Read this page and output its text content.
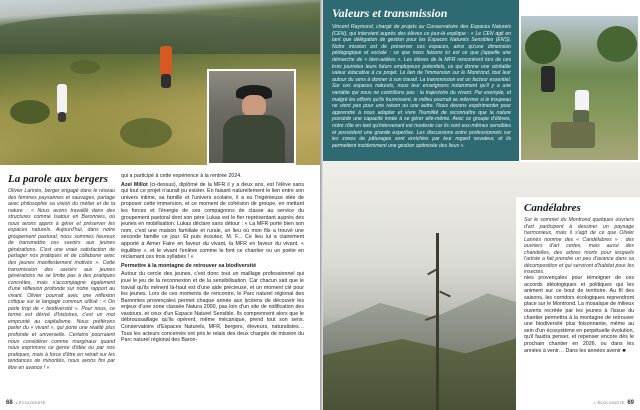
La parole aux bergers

Olivier Lannès, berger engagé dans le réseau des femmes paysannes et sauvages, partage avec philosophie sa vision du métier et de la nature : « Nous avons travaillé dans des structures comme Isatour en Baronnies, où nous avons appris à gérer et préserver les espaces naturels. Aujourd'hui, dans notre groupement pastoral, nous sommes heureux de transmettre ces savoirs aux jeunes générations. C'est une vraie satisfaction de partager nos pratiques et de collaborer avec des jeunes manifestement motivés ». Cette transmission des savoirs aux jeunes générations ne se limite pas à des pratiques concrètes, mais s'accompagne également d'une réflexion profonde sur notre rapport au vivant. Olivier pourrait avec une réflexion critique sur le langage commun utilisé : « On parle trop de « biodiversité ». Pour nous, ce terme est dérivé d'histoires, c'est un mot emprunté au capitalisme. Nous préférons parler du « vivant », qui porte une réalité plus profonde et universelle. Certains pourraient nous considérer comme marginaux quand nous exprimons ce genre d'idée ou par nos pratiques, mais à force d'être en retrait sur les tendances de minorités, nous avons fini par être en avance ! »

qui a participé à cette expérience à la rentrée 2024.

Azel Millot (ci-dessus), diplômé de la MFR il y a deux ans, est l'élève sans qui tout ce projet n'aurait pu exister. En faisant naturellement le lien entre son univers intime, sa famille et l'univers scolaire, il a eu l'ingénieuse idée de proposer cette immersion, et ce moment de cohésion de groupe, en mettant les forces et l'énergie de ses compagnons de classe au service du groupement pastoral dont son père Lukas est le fier représentant auprès des jeunes en mobilisation. Lukas déclare sans détour : « La MFR porte bien son nom, c'est une maison familiale et rurale, un lieu où mon fils a trouvé une seconde famille ce jour. Et puis écoutez, M. F... Ce lieu lui a clairement apporté à Aimer Faire en faveur du vivant, la MFR en faveur du vivant, « équilibre », et le vivant l'enlève comme le font ce chantier ou un poète en réclamant ces trois syllabes ! »

Permettre à la montagne de retrouver sa biodiversité

Autour du cercle des jeunes, c'est donc tout un maillage professionnel qui joue le jeu de la reconnexion et de la sensibilisation. Car chacun sait que le travail qu'ils mènent là-haut est d'une aide précieuse, et un moment clé pour les jeunes. Lors de ces moments de rencontre, le Parc naturel régional des Baronnies provençales permet chaque année aux lycéens de découvrir les enjeux d'une zone classée Natura 2000, pas loin d'un site de nidification des vautours, et ceux d'un Espace Naturel Sensible. Ils comprennent alors que le débroussaillage qu'ils opèrent, même mécanique, prend tout son sens. Conservatoire d'Espaces Naturels, MFR, bergers, éleveurs, naturalistes… Tous les acteurs concernés ont pris le relais des deux chargés de mission du Parc naturel régional des Baron-

68 L'ÉCOLOGISTE
Valeurs et transmission

Vincent Raymond, chargé de projets au Conservatoire des Espaces Naturels (CEN), qui intervient auprès des élèves ce jour-là explique : « Le CEN agit en tant que délégation de gestion pour les Espaces Naturels Sensibles (ENS). Notre mission est de préserver ces espaces, ainsi qu'une dimension pédagogique et sociale : ce que nous faisons ici est ce que j'appelle une démarche de « bien-aidées ». Les élèves de la MFR rencontrent lors de ces trois journées leurs futurs employeurs potentiels, ce qui donne une véritable valeur éducative à ce projet. Le lien de l'immersion sur le Montrond, tout leur autour du sens à donner à son travail. La transmission est un facteur essentiel. Sur ces espaces naturels, nous leur enseignons notamment qu'il y a une variable qui nous ne contrôlons pas : la trajectoire du vivant. Par exemple, et malgré les efforts qu'ils fournissent, le milieu pourrait se refermer si le troupeau ne vient pas pour une raison ou une autre. Nous devons expérimenter pour apprendre à nous adapter et vivre l'humilité de reconnaître que la nature possède une capacité innée à se gérer elle-même. Avec ce groupe d'élèves, notre rôle en tant qu'intervenant est modeste car ils sont eux-mêmes sensibles et possèdent une grande expertise. Les discussions entre professionnels sur les zones de pâturages sont enrichies par leur regard novateur, et ils permettent incidemment une gestion optimisée des lieux ».

Candélabres

Sur le sommet du Montrond quelques ouvriers d'art participent à dessiner un paysage harmonieux, mais il s'agit de ce que Olivier Lannès nomme des « Candélabres » : des ouvriers d'art certes, mais aussi des chandelles, des arbres morts pour lesquels l'artiste a fait prendre un peu d'avance dans sa décomposition et qui serviront d'habitat pour les insectes.

nies provençales pour témoigner de ces accords idéologiques et politiques qui les animent sur ce bout de territoire. Au fil des saisons, les corridors écologiques reprendront place sur le Montrond. La mosaïque de milieux ouverts recréée par les jeunes à l'issue du chantier permettra à la montagne de retrouver une biodiversité plus foisonnante, même au sein d'un écosystème en perpétuelle évolution, qu'il faudra penser, et repenser encore dès le prochain chantier en 2026, ou dans les années à venir… Dans les années avenir ■

L'ÉCOLOGISTE 69
